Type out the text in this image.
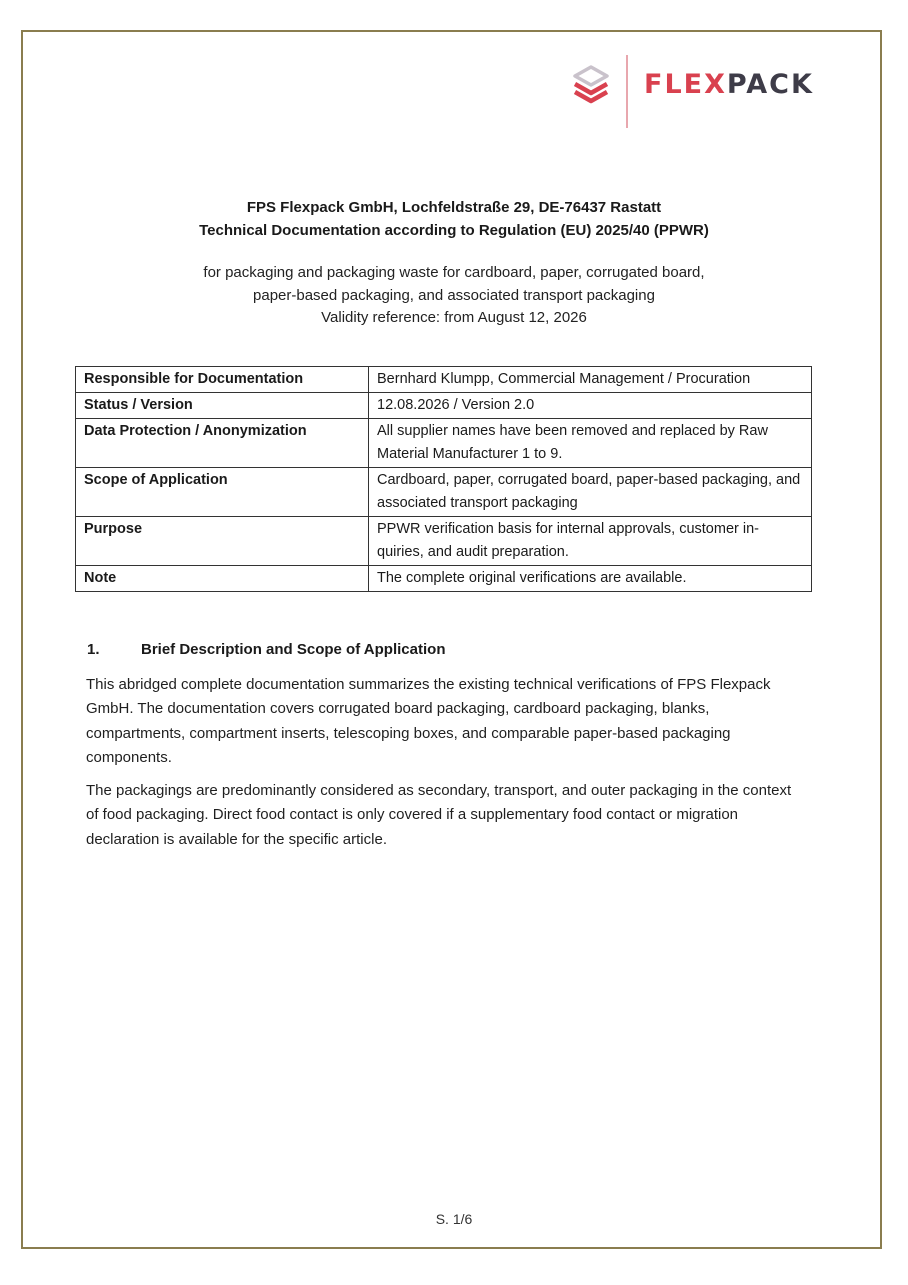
FLEXPACK
FPS Flexpack GmbH, Lochfeldstraße 29, DE-76437 Rastatt
Technical Documentation according to Regulation (EU) 2025/40 (PPWR)
for packaging and packaging waste for cardboard, paper, corrugated board,
paper-based packaging, and associated transport packaging
Validity reference: from August 12, 2026
Responsible for Documentation	Bernhard Klumpp, Commercial Management / Procuration
Status / Version	12.08.2026 / Version 2.0
Data Protection / Anonymization	All supplier names have been removed and replaced by Raw Material Manufacturer 1 to 9.
Scope of Application	Cardboard, paper, corrugated board, paper-based packaging, and associated transport packaging
Purpose	PPWR verification basis for internal approvals, customer in-quiries, and audit preparation.
Note	The complete original verifications are available.
1.	Brief Description and Scope of Application
This abridged complete documentation summarizes the existing technical verifications of FPS Flexpack GmbH. The documentation covers corrugated board packaging, cardboard packaging, blanks, compartments, compartment inserts, telescoping boxes, and comparable paper-based packaging components.
The packagings are predominantly considered as secondary, transport, and outer packaging in the context of food packaging. Direct food contact is only covered if a supplementary food contact or migration declaration is available for the specific article.
S. 1/6
